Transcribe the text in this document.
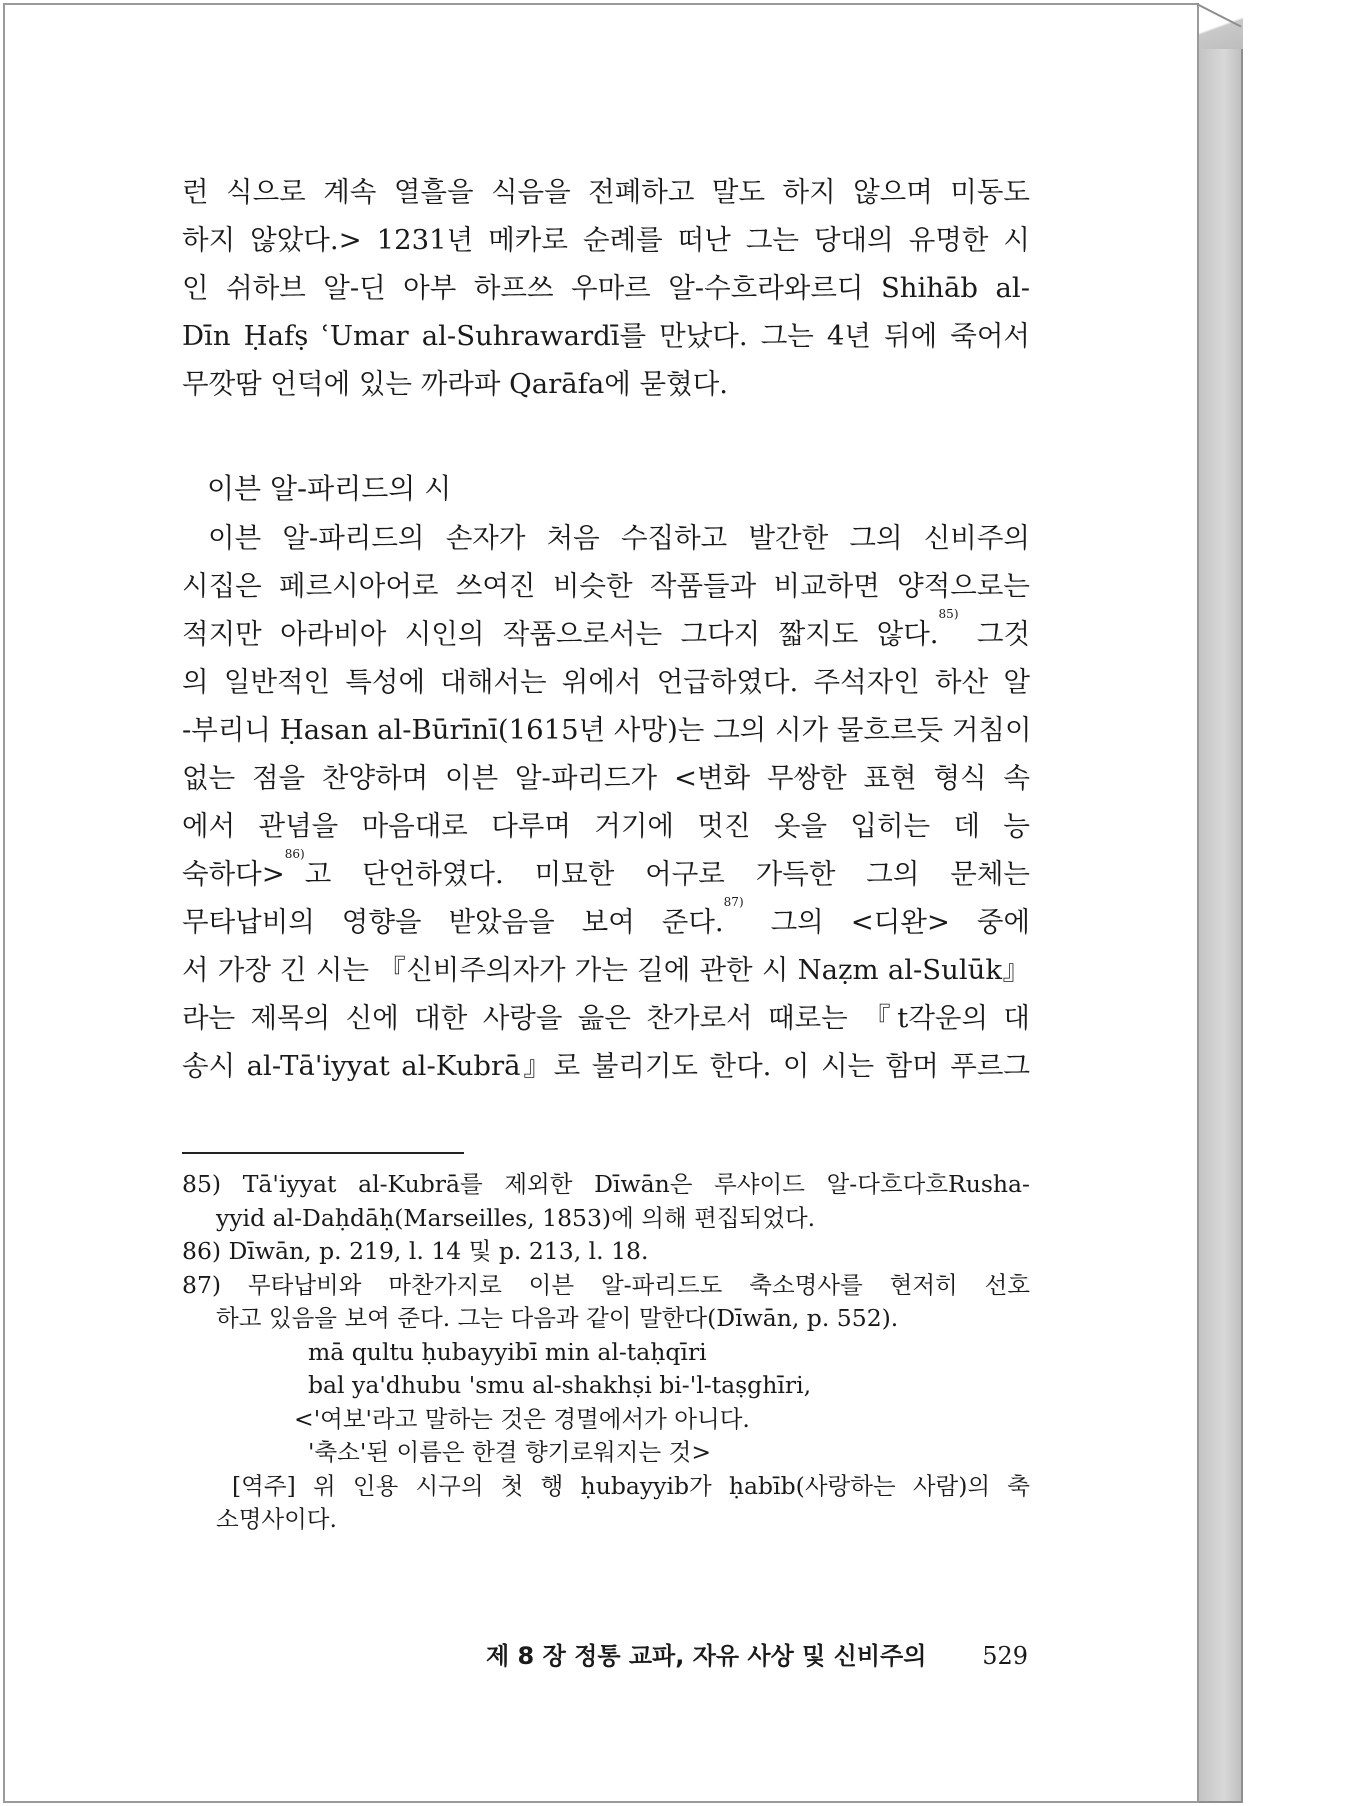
런 식으로 계속 열흘을 식음을 전폐하고 말도 하지 않으며 미동도
하지 않았다.> 1231년 메카로 순례를 떠난 그는 당대의 유명한 시
인 쉬하브 알-딘 아부 하프쓰 우마르 알-수흐라와르디 Shihāb al-
Dīn Ḥafṣ ʿUmar al-Suhrawardī를 만났다. 그는 4년 뒤에 죽어서
무깟땀 언덕에 있는 까라파 Qarāfa에 묻혔다.
이븐 알-파리드의 시
이븐 알-파리드의 손자가 처음 수집하고 발간한 그의 신비주의
시집은 페르시아어로 쓰여진 비슷한 작품들과 비교하면 양적으로는
적지만 아라비아 시인의 작품으로서는 그다지 짧지도 않다.$^{85)}$ 그것
의 일반적인 특성에 대해서는 위에서 언급하였다. 주석자인 하산 알
-부리니 Ḥasan al-Būrīnī(1615년 사망)는 그의 시가 물흐르듯 거침이
없는 점을 찬양하며 이븐 알-파리드가 <변화 무쌍한 표현 형식 속
에서 관념을 마음대로 다루며 거기에 멋진 옷을 입히는 데 능
숙하다>$^{86)}$고 단언하였다. 미묘한 어구로 가득한 그의 문체는
무타납비의 영향을 받았음을 보여 준다.$^{87)}$ 그의 <디완> 중에
서 가장 긴 시는 『신비주의자가 가는 길에 관한 시 Naẓm al-Sulūk』
라는 제목의 신에 대한 사랑을 읊은 찬가로서 때로는 『t각운의 대
송시 al-Tā'iyyat al-Kubrā』로 불리기도 한다. 이 시는 함머 푸르그
85) Tā'iyyat al-Kubrā를 제외한 Dīwān은 루샤이드 알-다흐다흐Rusha-
yyid al-Daḥdāḥ(Marseilles, 1853)에 의해 편집되었다.
86) Dīwān, p. 219, l. 14 및 p. 213, l. 18.
87) 무타납비와 마찬가지로 이븐 알-파리드도 축소명사를 현저히 선호
하고 있음을 보여 준다. 그는 다음과 같이 말한다(Dīwān, p. 552).
mā qultu ḥubayyibī min al-taḥqīri
bal ya'dhubu 'smu al-shakhṣi bi-'l-taṣghīri,
<'여보'라고 말하는 것은 경멸에서가 아니다.
'축소'된 이름은 한결 향기로워지는 것>
[역주] 위 인용 시구의 첫 행 ḥubayyib가 ḥabīb(사랑하는 사람)의 축
소명사이다.
제 8 장 정통 교파, 자유 사상 및 신비주의 529
